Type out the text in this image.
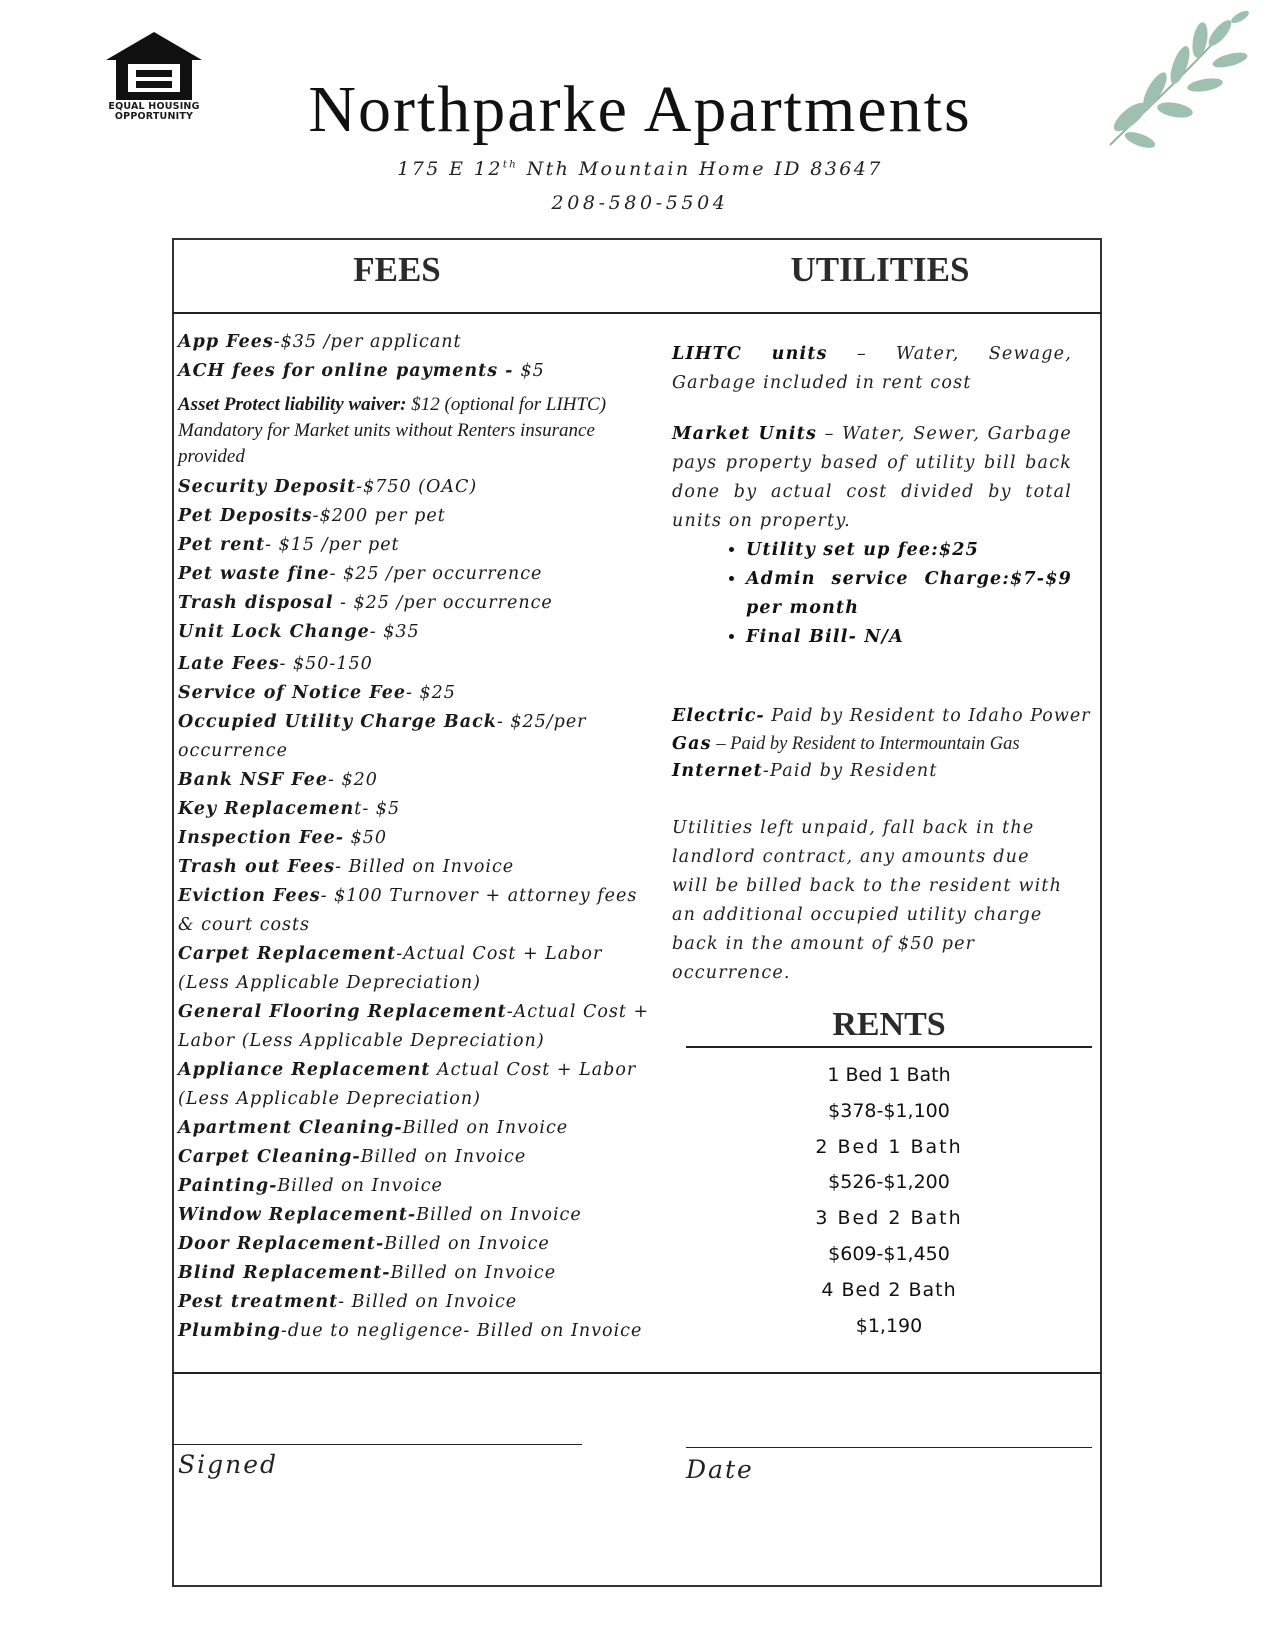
EQUAL HOUSING OPPORTUNITY	Northparke Apartments
175 E 12th Nth Mountain Home ID 83647
208-580-5504
FEES	UTILITIES
App Fees-$35 /per applicant
ACH fees for online payments - $5
Asset Protect liability waiver: $12 (optional for LIHTC) Mandatory for Market units without Renters insurance provided
Security Deposit-$750 (OAC)
Pet Deposits-$200 per pet
Pet rent- $15 /per pet
Pet waste fine- $25 /per occurrence
Trash disposal - $25 /per occurrence
Unit Lock Change- $35
Late Fees- $50-150
Service of Notice Fee- $25
Occupied Utility Charge Back- $25/per occurrence
Bank NSF Fee- $20
Key Replacement- $5
Inspection Fee- $50
Trash out Fees- Billed on Invoice
Eviction Fees- $100 Turnover + attorney fees & court costs
Carpet Replacement-Actual Cost + Labor (Less Applicable Depreciation)
General Flooring Replacement-Actual Cost + Labor (Less Applicable Depreciation)
Appliance Replacement Actual Cost + Labor (Less Applicable Depreciation)
Apartment Cleaning-Billed on Invoice
Carpet Cleaning-Billed on Invoice
Painting-Billed on Invoice
Window Replacement-Billed on Invoice
Door Replacement-Billed on Invoice
Blind Replacement-Billed on Invoice
Pest treatment- Billed on Invoice
Plumbing-due to negligence- Billed on Invoice

LIHTC units – Water, Sewage, Garbage included in rent cost

Market Units – Water, Sewer, Garbage pays property based of utility bill back done by actual cost divided by total units on property.

• Utility set up fee:$25
• Admin service Charge:$7-$9 per month
• Final Bill- N/A

Electric- Paid by Resident to Idaho Power

Gas – Paid by Resident to Intermountain Gas

Internet-Paid by Resident

Utilities left unpaid, fall back in the landlord contract, any amounts due will be billed back to the resident with an additional occupied utility charge back in the amount of $50 per occurrence.

RENTS
1 Bed 1 Bath
$378-$1,100
2 Bed 1 Bath
$526-$1,200
3 Bed 2 Bath
$609-$1,450
4 Bed 2 Bath
$1,190
Signed	Date
